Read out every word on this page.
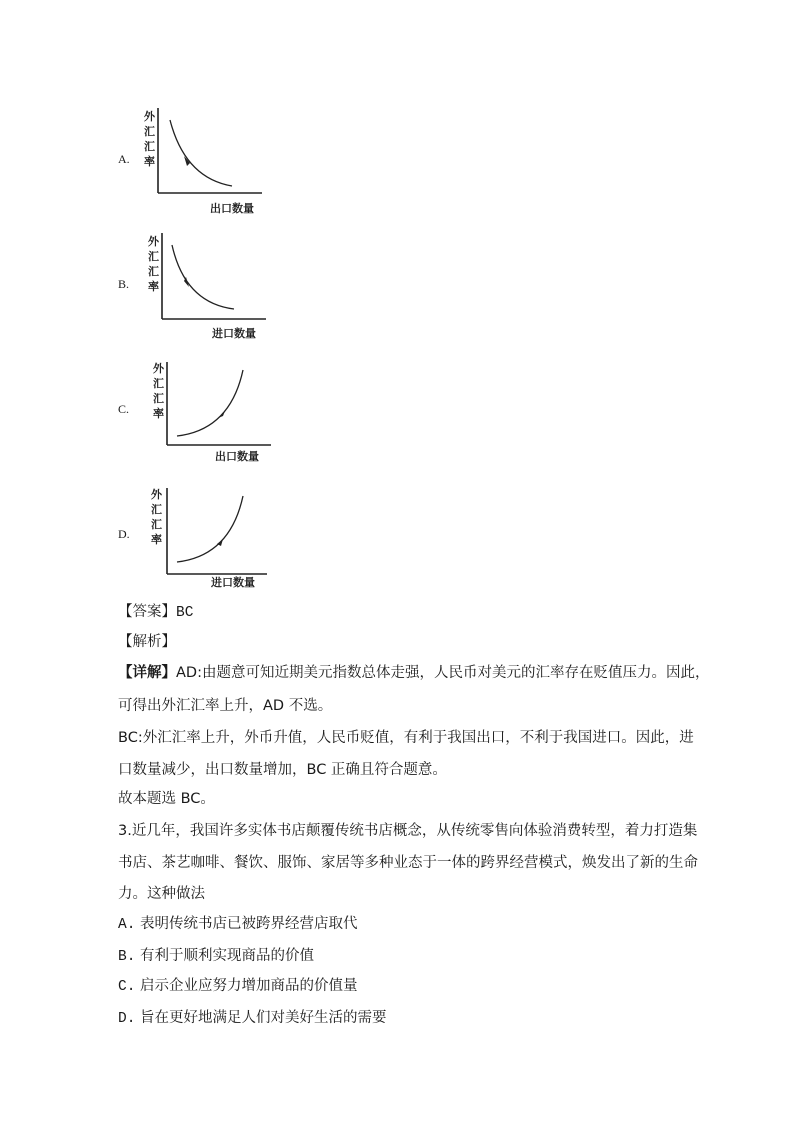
A.
外
汇
汇
率
出口数量
B.
外
汇
汇
率
进口数量
C.
外
汇
汇
率
出口数量
D.
外
汇
汇
率
进口数量
【答案】BC
【解析】
【详解】AD:由题意可知近期美元指数总体走强，人民币对美元的汇率存在贬值压力。因此，
可得出外汇汇率上升，AD 不选。
BC:外汇汇率上升，外币升值，人民币贬值，有利于我国出口，不利于我国进口。因此，进
口数量减少，出口数量增加，BC 正确且符合题意。
故本题选 BC。
3.近几年，我国许多实体书店颠覆传统书店概念，从传统零售向体验消费转型，着力打造集
书店、茶艺咖啡、餐饮、服饰、家居等多种业态于一体的跨界经营模式，焕发出了新的生命
力。这种做法
A. 表明传统书店已被跨界经营店取代
B. 有利于顺利实现商品的价值
C. 启示企业应努力增加商品的价值量
D. 旨在更好地满足人们对美好生活的需要
